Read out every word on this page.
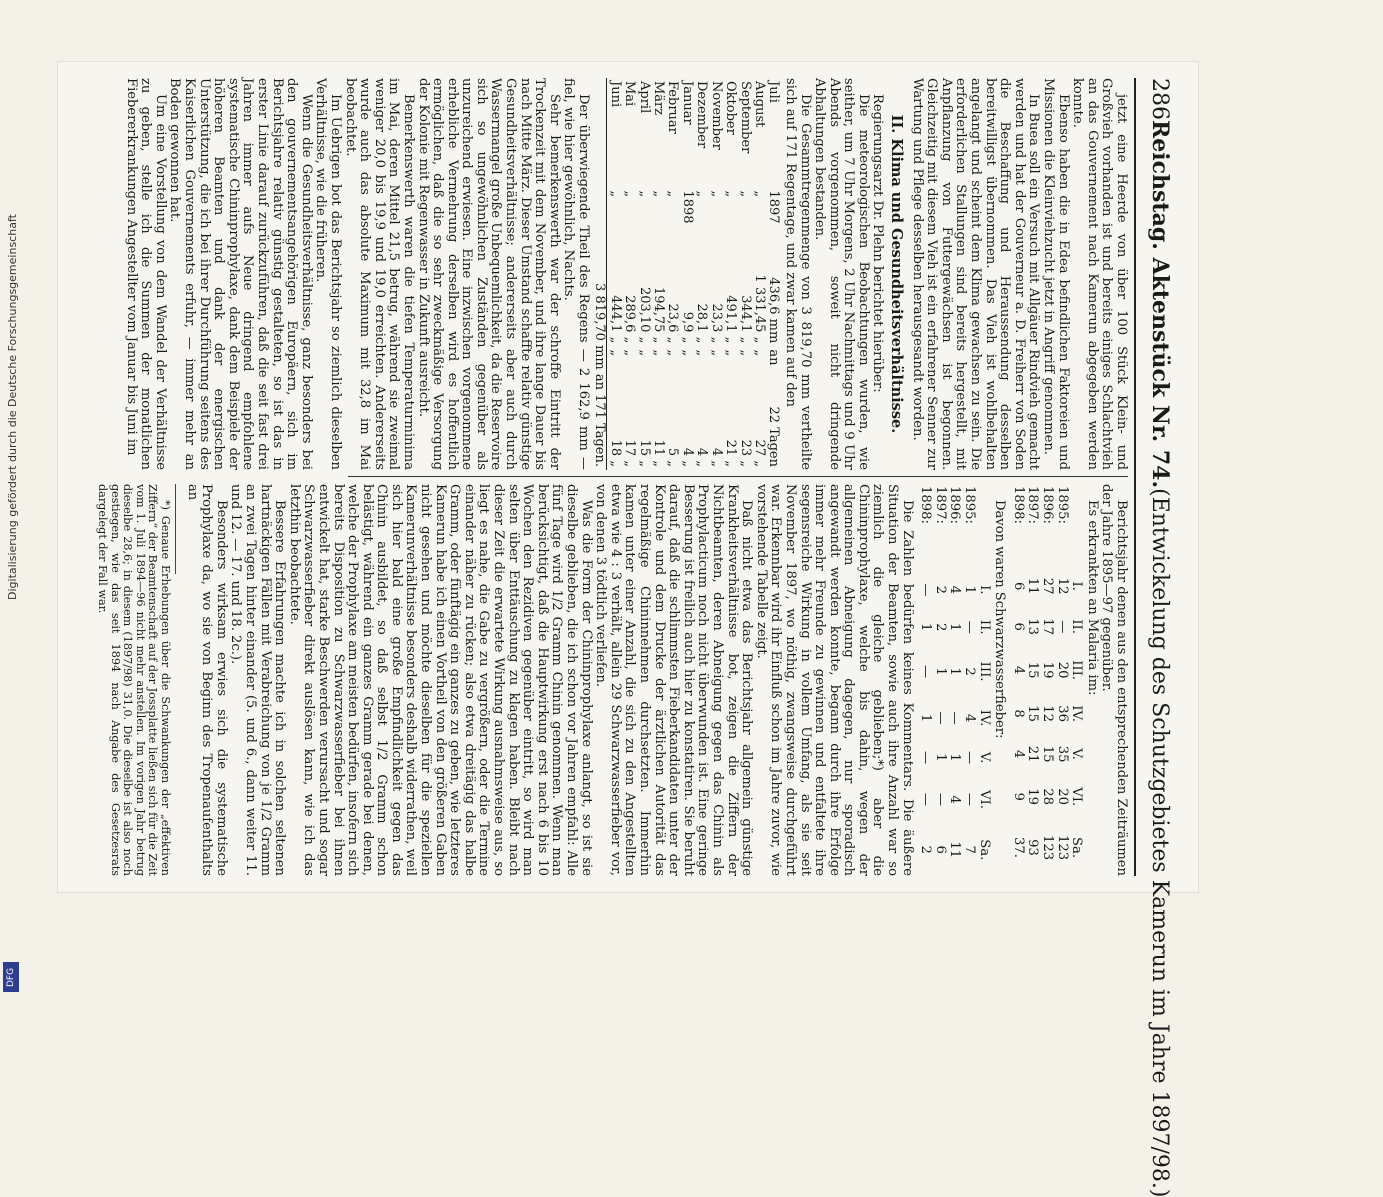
286
Reichstag. Aktenstück Nr. 74.
(Entwickelung des Schutzgebietes Kamerun im Jahre 1897/98.)

jetzt eine Heerde von über 100 Stück Klein- und Großvieh vorhanden ist und bereits einiges Schlachtvieh an das Gouvernement nach Kamerun abgegeben werden konnte.

Ebenso haben die in Edea befindlichen Faktoreien und Missionen die Kleinviehzucht jetzt in Angriff genommen.

In Buea soll ein Versuch mit Allgäuer Rindvieh gemacht werden und hat der Gouverneur a. D. Freiherr von Soden die Beschaffung und Heraussendung desselben bereitwilligst übernommen. Das Vieh ist wohlbehalten angelangt und scheint dem Klima gewachsen zu sein. Die erforderlichen Stallungen sind bereits hergestellt, mit Anpflanzung von Futtergewächsen ist begonnen. Gleichzeitig mit diesem Vieh ist ein erfahrener Senner zur Wartung und Pflege desselben herausgesandt worden.

II. Klima und Gesundheitsverhältnisse.

Regierungsarzt Dr. Plehn berichtet hierüber:

Die meteorologischen Beobachtungen wurden, wie seither, um 7 Uhr Morgens, 2 Uhr Nachmittags und 9 Uhr Abends vorgenommen, soweit nicht dringende Abhaltungen bestanden.

Die Gesammtregenmenge von 3 819,70 mm vertheilte sich auf 171 Regentage, und zwar kamen auf den

Juli	1897	436,6 mm	an	22 Tagen
August	„	1 331,45 „	„	27 „
September	„	344,1 „	„	23 „
Oktober	„	491,1 „	„	21 „
November	„	23,3 „	„	4 „
Dezember	„	28,1 „	„	4 „
Januar	1898	9,9 „	„	4 „
Februar	„	23,6 „	„	5 „
März	„	194,75 „	„	11 „
April	„	203,10 „	„	15 „
Mai	„	289,6 „	„	17 „
Juni	„	444,1 „	„	18 „
3 819,70 mm an 171 Tagen.				

Der überwiegende Theil des Regens — 2 162,9 mm — fiel, wie hier gewöhnlich, Nachts.

Sehr bemerkenswerth war der schroffe Eintritt der Trockenzeit mit dem November, und ihre lange Dauer bis nach Mitte März. Dieser Umstand schaffte relativ günstige Gesundheitsverhältnisse; andererseits aber auch durch Wassermangel große Unbequemlichkeit, da die Reservoire sich so ungewöhnlichen Zuständen gegenüber als unzureichend erwiesen. Eine inzwischen vorgenommene erhebliche Vermehrung derselben wird es hoffentlich ermöglichen, daß die so sehr zweckmäßige Versorgung der Kolonie mit Regenwasser in Zukunft ausreicht.

Bemerkenswerth waren die tiefen Temperaturminima im Mai, deren Mittel 21,5 betrug, während sie zweimal weniger 20,0 bis 19,9 und 19,0 erreichten. Andererseits wurde auch das absolute Maximum mit 32,8 im Mai beobachtet.

Im Uebrigen bot das Berichtsjahr so ziemlich dieselben Verhältnisse, wie die früheren.

Wenn die Gesundheitsverhältnisse, ganz besonders bei den gouvernementsangehörigen Europäern, sich im Berichtsjahre relativ günstig gestalteten, so ist das in erster Linie darauf zurückzuführen, daß die seit fast drei Jahren immer aufs Neue dringend empfohlene systematische Chininprophylaxe, dank dem Beispiele der höheren Beamten und dank der energischen Unterstützung, die ich bei ihrer Durchführung seitens des Kaiserlichen Gouvernements erfuhr, — immer mehr an Boden gewonnen hat.

Um eine Vorstellung von dem Wandel der Verhältnisse zu geben, stelle ich die Summen der monatlichen Fiebererkrankungen Angestellter vom Januar bis Juni im

Berichtsjahr denen aus den entsprechenden Zeiträumen der Jahre 1895—97 gegenüber.

Es erkrankten an Malaria im:

	I.	II.	III.	IV.	V.	VI.	Sa.
1895:	12	—	20	36	35	20	123
1896:	27	17	19	12	15	28	123
1897:	11	13	15	15	21	19	93
1898:	6	6	4	8	4	9	37.

Davon waren Schwarzwasserfieber:

	I.	II.	III.	IV.	V.	VI.	Sa.
1895:	1	—	2	4	—	—	7
1896:	4	1	1	—	1	4	11
1897:	2	2	1	—	1	—	6
1898:	—	1	—	1	—	—	2

Die Zahlen bedürfen keines Kommentars. Die äußere Situation der Beamten, sowie auch ihre Anzahl war so ziemlich die gleiche geblieben;*) aber die Chininprophylaxe, welche bis dahin, wegen der allgemeinen Abneigung dagegen, nur sporadisch angewandt werden konnte, begann durch ihre Erfolge immer mehr Freunde zu gewinnen und entfaltete ihre segensreiche Wirkung in vollem Umfang, als sie seit November 1897, wo nöthig, zwangsweise durchgeführt war. Erkennbar wird ihr Einfluß schon im Jahre zuvor, wie vorstehende Tabelle zeigt.

Daß nicht etwa das Berichtsjahr allgemein günstige Krankheitsverhältnisse bot, zeigen die Ziffern der Nichtbeamten, deren Abneigung gegen das Chinin als Prophylacticum noch nicht überwunden ist. Eine geringe Besserung ist freilich auch hier zu konstatiren. Sie beruht darauf, daß die schlimmsten Fieberkandidaten unter der Kontrole und dem Drucke der ärztlichen Autorität das regelmäßige Chininnehmen durchsetzten. Immerhin kamen unter einer Anzahl, die sich zu den Angestellten etwa wie 4 : 3 verhält, allein 29 Schwarzwasserfieber vor, von denen 3 tödtlich verliefen.

Was die Form der Chininprophylaxe anlangt, so ist sie dieselbe geblieben, die ich schon vor Jahren empfahl: Alle fünf Tage wird 1/2 Gramm Chinin genommen. Wenn man berücksichtigt, daß die Hauptwirkung erst nach 6 bis 10 Wochen den Rezidiven gegenüber eintritt, so wird man selten über Enttäuschung zu klagen haben. Bleibt nach dieser Zeit die erwartete Wirkung ausnahmsweise aus, so liegt es nahe, die Gabe zu vergrößern, oder die Termine einander näher zu rücken; also etwa dreitägig das halbe Gramm, oder fünftägig ein ganzes zu geben, wie letzteres Kamerun habe ich einen Vortheil von den größeren Gaben nicht gesehen und möchte dieselben für die speziellen Kamerunverhältnisse besonders deshalb widerrathen, weil sich hier bald eine große Empfindlichkeit gegen das Chinin ausbildet, so daß selbst 1/2 Gramm schon belästigt, während ein ganzes Gramm gerade bei denen, welche der Prophylaxe am meisten bedürfen, insofern sich bereits Disposition zu Schwarzwasserfieber bei ihnen entwickelt hat, starke Beschwerden verursacht und sogar Schwarzwasserfieber direkt auslösen kann, wie ich das letzthin beobachtete.

Bessere Erfahrungen machte ich in solchen seltenen hartnäckigen Fällen mit Verabreichung von je 1/2 Gramm an zwei Tagen hinter einander (5. und 6., dann weiter 11. und 12. — 17. und 18. 2c.).

Besonders wirksam erwies sich die systematische Prophylaxe da, wo sie von Beginn des Tropenaufenthalts an

*) Genaue Erhebungen über die Schwankungen der „effektiven Ziffern“ der Beamtenschaft auf der Jossplatte ließen sich für die Zeit vom 1. Juli 1894—96 nicht mehr anstellen. Im vorigen Jahr betrug dieselbe 28,6; in diesem (1897/98) 31,0. Die dieselbe ist also noch gestiegen, wie das seit 1894 nach Angabe des Gesetzesrats dargelegt der Fall war.

Digitalisierung gefördert durch die Deutsche Forschungsgemeinschaft
DFG
